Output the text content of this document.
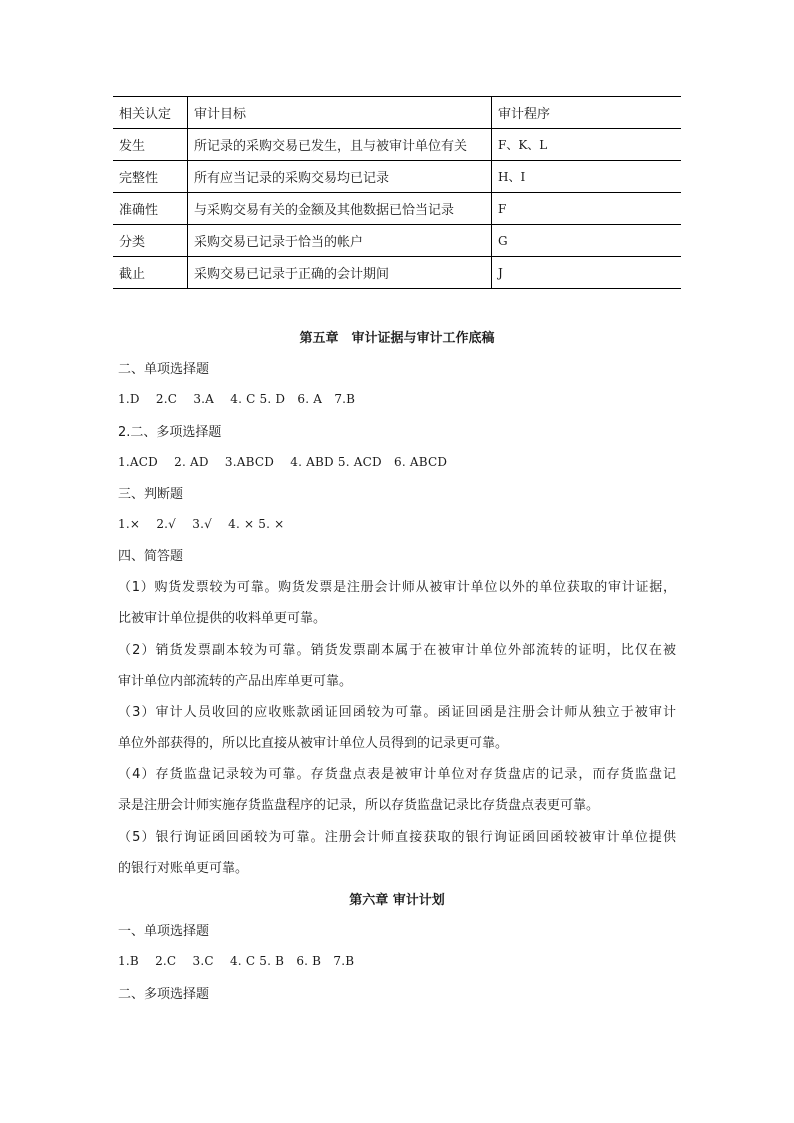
相关认定	审计目标	审计程序
发生	所记录的采购交易已发生，且与被审计单位有关	F、K、L
完整性	所有应当记录的采购交易均已记录	H、I
准确性	与采购交易有关的金额及其他数据已恰当记录	F
分类	采购交易已记录于恰当的帐户	G
截止	采购交易已记录于正确的会计期间	J
第五章　审计证据与审计工作底稿
二、单项选择题
1.D　 2.C　 3.A　 4. C 5. D　6. A　7.B
2.二、多项选择题
1.ACD　 2. AD　 3.ABCD　 4. ABD 5. ACD　6. ABCD
三、判断题
1.×　 2.√　 3.√　 4. × 5. ×
四、简答题
（1）购货发票较为可靠。购货发票是注册会计师从被审计单位以外的单位获取的审计证据，
比被审计单位提供的收料单更可靠。
（2）销货发票副本较为可靠。销货发票副本属于在被审计单位外部流转的证明，比仅在被
审计单位内部流转的产品出库单更可靠。
（3）审计人员收回的应收账款函证回函较为可靠。函证回函是注册会计师从独立于被审计
单位外部获得的，所以比直接从被审计单位人员得到的记录更可靠。
（4）存货监盘记录较为可靠。存货盘点表是被审计单位对存货盘店的记录，而存货监盘记
录是注册会计师实施存货监盘程序的记录，所以存货监盘记录比存货盘点表更可靠。
（5）银行询证函回函较为可靠。注册会计师直接获取的银行询证函回函较被审计单位提供
的银行对账单更可靠。
第六章 审计计划
一、单项选择题
1.B　 2.C　 3.C　 4. C 5. B　6. B　7.B
二、多项选择题
